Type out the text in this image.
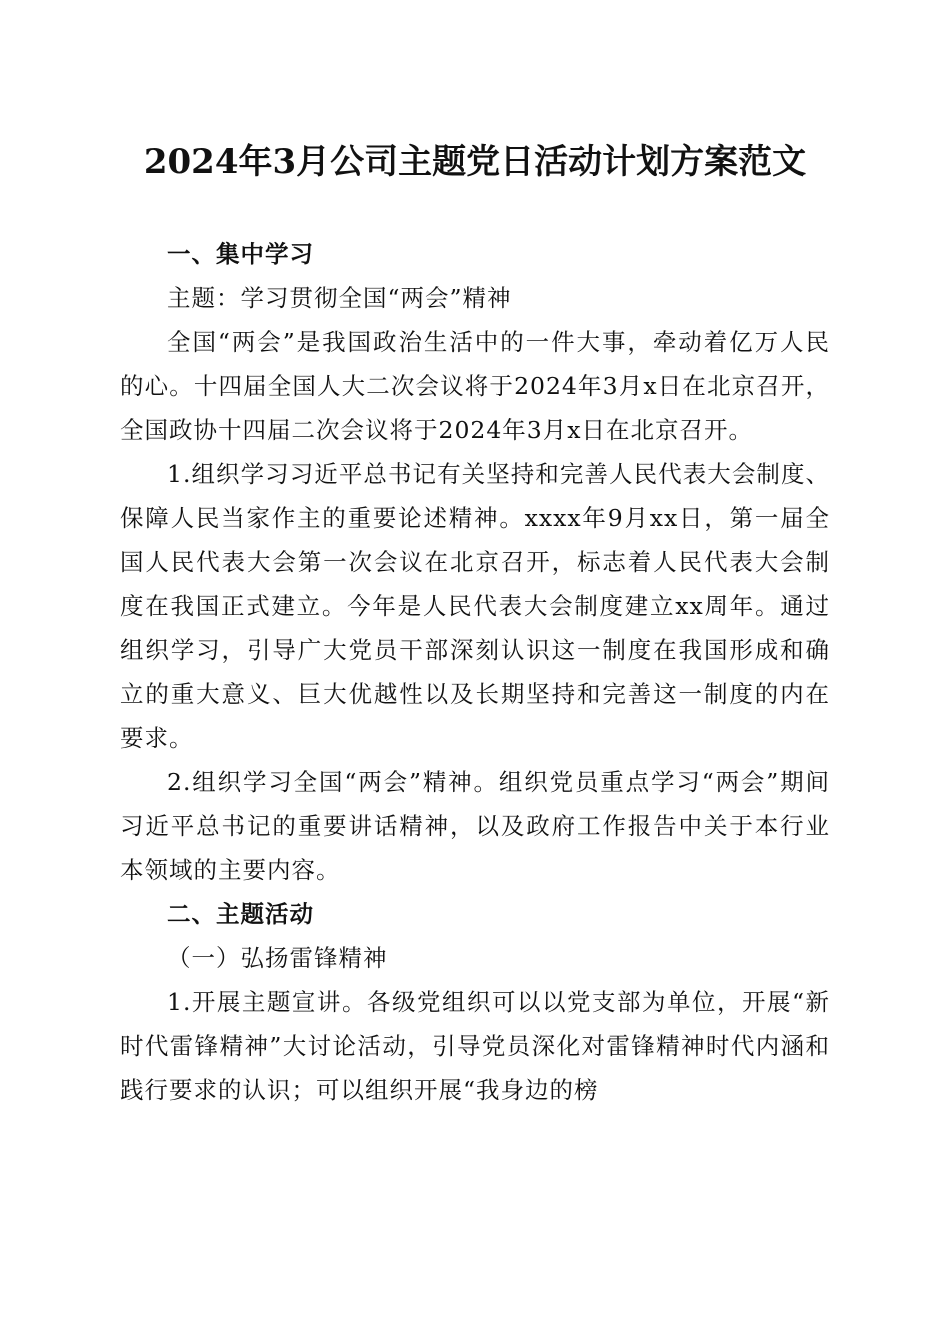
2024年3月公司主题党日活动计划方案范文

一、集中学习

主题：学习贯彻全国“两会”精神

全国“两会”是我国政治生活中的一件大事，牵动着亿万人民的心。十四届全国人大二次会议将于2024年3月x日在北京召开，全国政协十四届二次会议将于2024年3月x日在北京召开。

1.组织学习习近平总书记有关坚持和完善人民代表大会制度、保障人民当家作主的重要论述精神。xxxx年9月xx日，第一届全国人民代表大会第一次会议在北京召开，标志着人民代表大会制度在我国正式建立。今年是人民代表大会制度建立xx周年。通过组织学习，引导广大党员干部深刻认识这一制度在我国形成和确立的重大意义、巨大优越性以及长期坚持和完善这一制度的内在要求。

2.组织学习全国“两会”精神。组织党员重点学习“两会”期间习近平总书记的重要讲话精神，以及政府工作报告中关于本行业本领域的主要内容。

二、主题活动

（一）弘扬雷锋精神

1.开展主题宣讲。各级党组织可以以党支部为单位，开展“新时代雷锋精神”大讨论活动，引导党员深化对雷锋精神时代内涵和践行要求的认识；可以组织开展“我身边的榜
